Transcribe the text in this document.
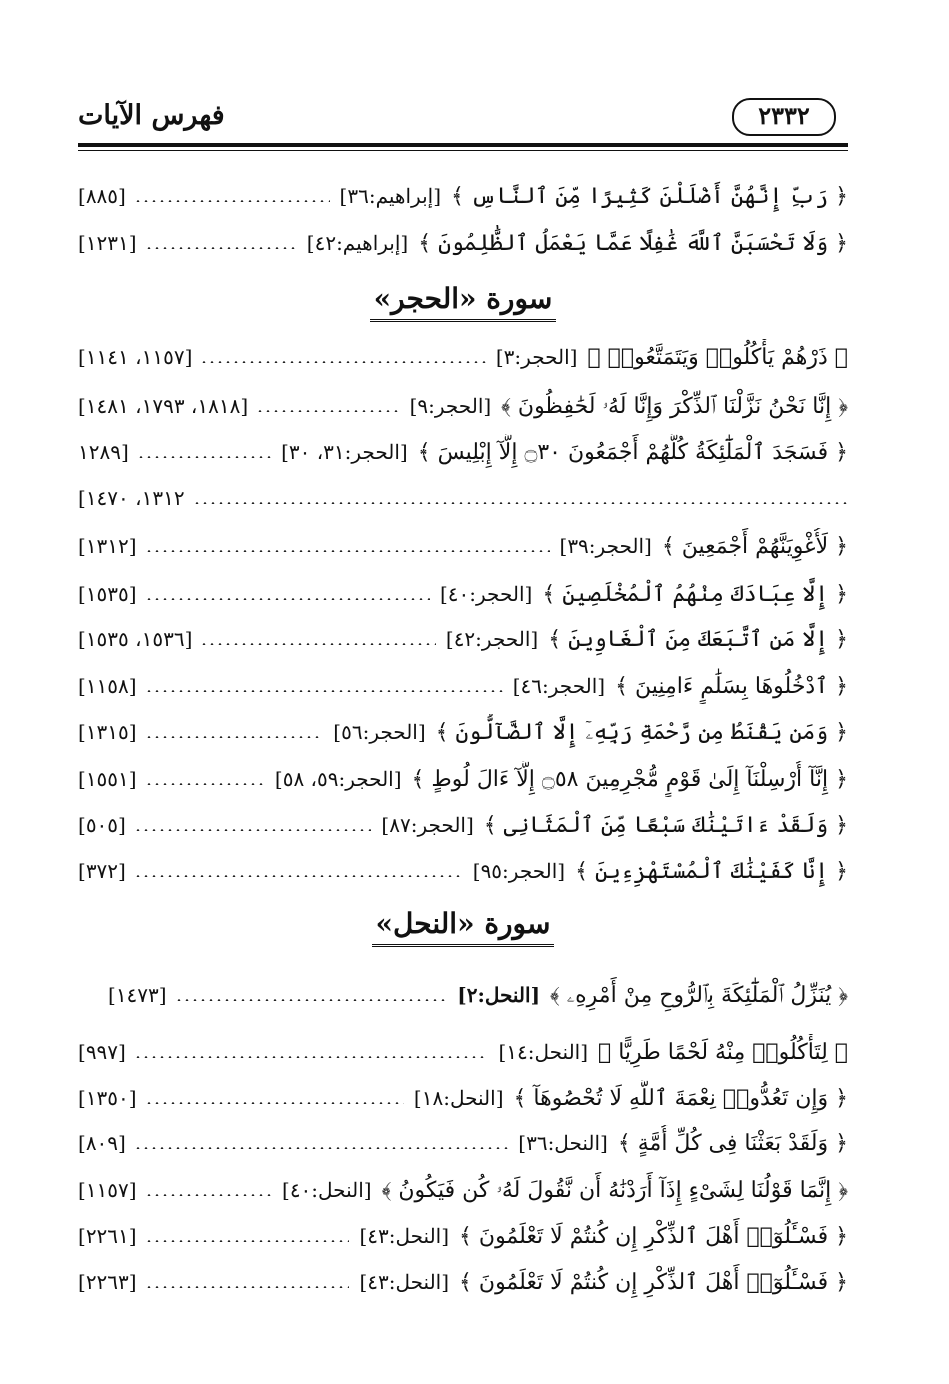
فهرس الآيات	٢٣٣٢
﴿ رَبِّ إِنَّهُنَّ أَضْلَلْنَ كَثِيرًا مِّنَ ٱلنَّاسِ ﴾
[إبراهيم:٣٦]
[٨٨٥]
﴿ وَلَا تَحْسَبَنَّ ٱللَّهَ غَٰفِلًا عَمَّا يَعْمَلُ ٱلظَّٰلِمُونَ ﴾
[إبراهيم:٤٢]
[١٢٣١]
سورة «الحجر»
﴿ ذَرْهُمْ يَأْكُلُوا۟ وَيَتَمَتَّعُوا۟ ﴾
[الحجر:٣]
[١١٥٧، ١١٤١]
﴿ إِنَّا نَحْنُ نَزَّلْنَا ٱلذِّكْرَ وَإِنَّا لَهُۥ لَحَٰفِظُونَ ﴾
[الحجر:٩]
[١٨١٨، ١٧٩٣، ١٤٨١]
﴿ فَسَجَدَ ٱلْمَلَٰٓئِكَةُ كُلُّهُمْ أَجْمَعُونَ ۝٣٠ إِلَّآ إِبْلِيسَ ﴾
[الحجر:٣١، ٣٠]
[١٢٨٩
١٣١٢، ١٤٧٠]
﴿ لَأُغْوِيَنَّهُمْ أَجْمَعِينَ ﴾
[الحجر:٣٩]
[١٣١٢]
﴿ إِلَّا عِبَادَكَ مِنْهُمُ ٱلْمُخْلَصِينَ ﴾
[الحجر:٤٠]
[١٥٣٥]
﴿ إِلَّا مَنِ ٱتَّبَعَكَ مِنَ ٱلْغَاوِينَ ﴾
[الحجر:٤٢]
[١٥٣٦، ١٥٣٥]
﴿ ٱدْخُلُوهَا بِسَلَٰمٍ ءَامِنِينَ ﴾
[الحجر:٤٦]
[١١٥٨]
﴿ وَمَن يَقْنَطُ مِن رَّحْمَةِ رَبِّهِۦٓ إِلَّا ٱلضَّآلُّونَ ﴾
[الحجر:٥٦]
[١٣١٥]
﴿ إِنَّآ أُرْسِلْنَآ إِلَىٰ قَوْمٍ مُّجْرِمِينَ ۝٥٨ إِلَّآ ءَالَ لُوطٍ ﴾
[الحجر:٥٩، ٥٨]
[١٥٥١]
﴿ وَلَقَدْ ءَاتَيْنَٰكَ سَبْعًا مِّنَ ٱلْمَثَانِى ﴾
[الحجر:٨٧]
[٥٠٥]
﴿ إِنَّا كَفَيْنَٰكَ ٱلْمُسْتَهْزِءِينَ ﴾
[الحجر:٩٥]
[٣٧٢]
سورة «النحل»
﴿ يُنَزِّلُ ٱلْمَلَٰٓئِكَةَ بِٱلرُّوحِ مِنْ أَمْرِهِۦ ﴾
[النحل:٢]
[١٤٧٣]
﴿ لِتَأْكُلُوا۟ مِنْهُ لَحْمًا طَرِيًّا ﴾
[النحل:١٤]
[٩٩٧]
﴿ وَإِن تَعُدُّوا۟ نِعْمَةَ ٱللَّهِ لَا تُحْصُوهَآ ﴾
[النحل:١٨]
[١٣٥٠]
﴿ وَلَقَدْ بَعَثْنَا فِى كُلِّ أُمَّةٍ ﴾
[النحل:٣٦]
[٨٠٩]
﴿ إِنَّمَا قَوْلُنَا لِشَىْءٍ إِذَآ أَرَدْنَٰهُ أَن نَّقُولَ لَهُۥ كُن فَيَكُونُ ﴾
[النحل:٤٠]
[١١٥٧]
﴿ فَسْـَٔلُوٓا۟ أَهْلَ ٱلذِّكْرِ إِن كُنتُمْ لَا تَعْلَمُونَ ﴾
[النحل:٤٣]
[٢٢٦١]
﴿ فَسْـَٔلُوٓا۟ أَهْلَ ٱلذِّكْرِ إِن كُنتُمْ لَا تَعْلَمُونَ ﴾
[النحل:٤٣]
[٢٢٦٣]
